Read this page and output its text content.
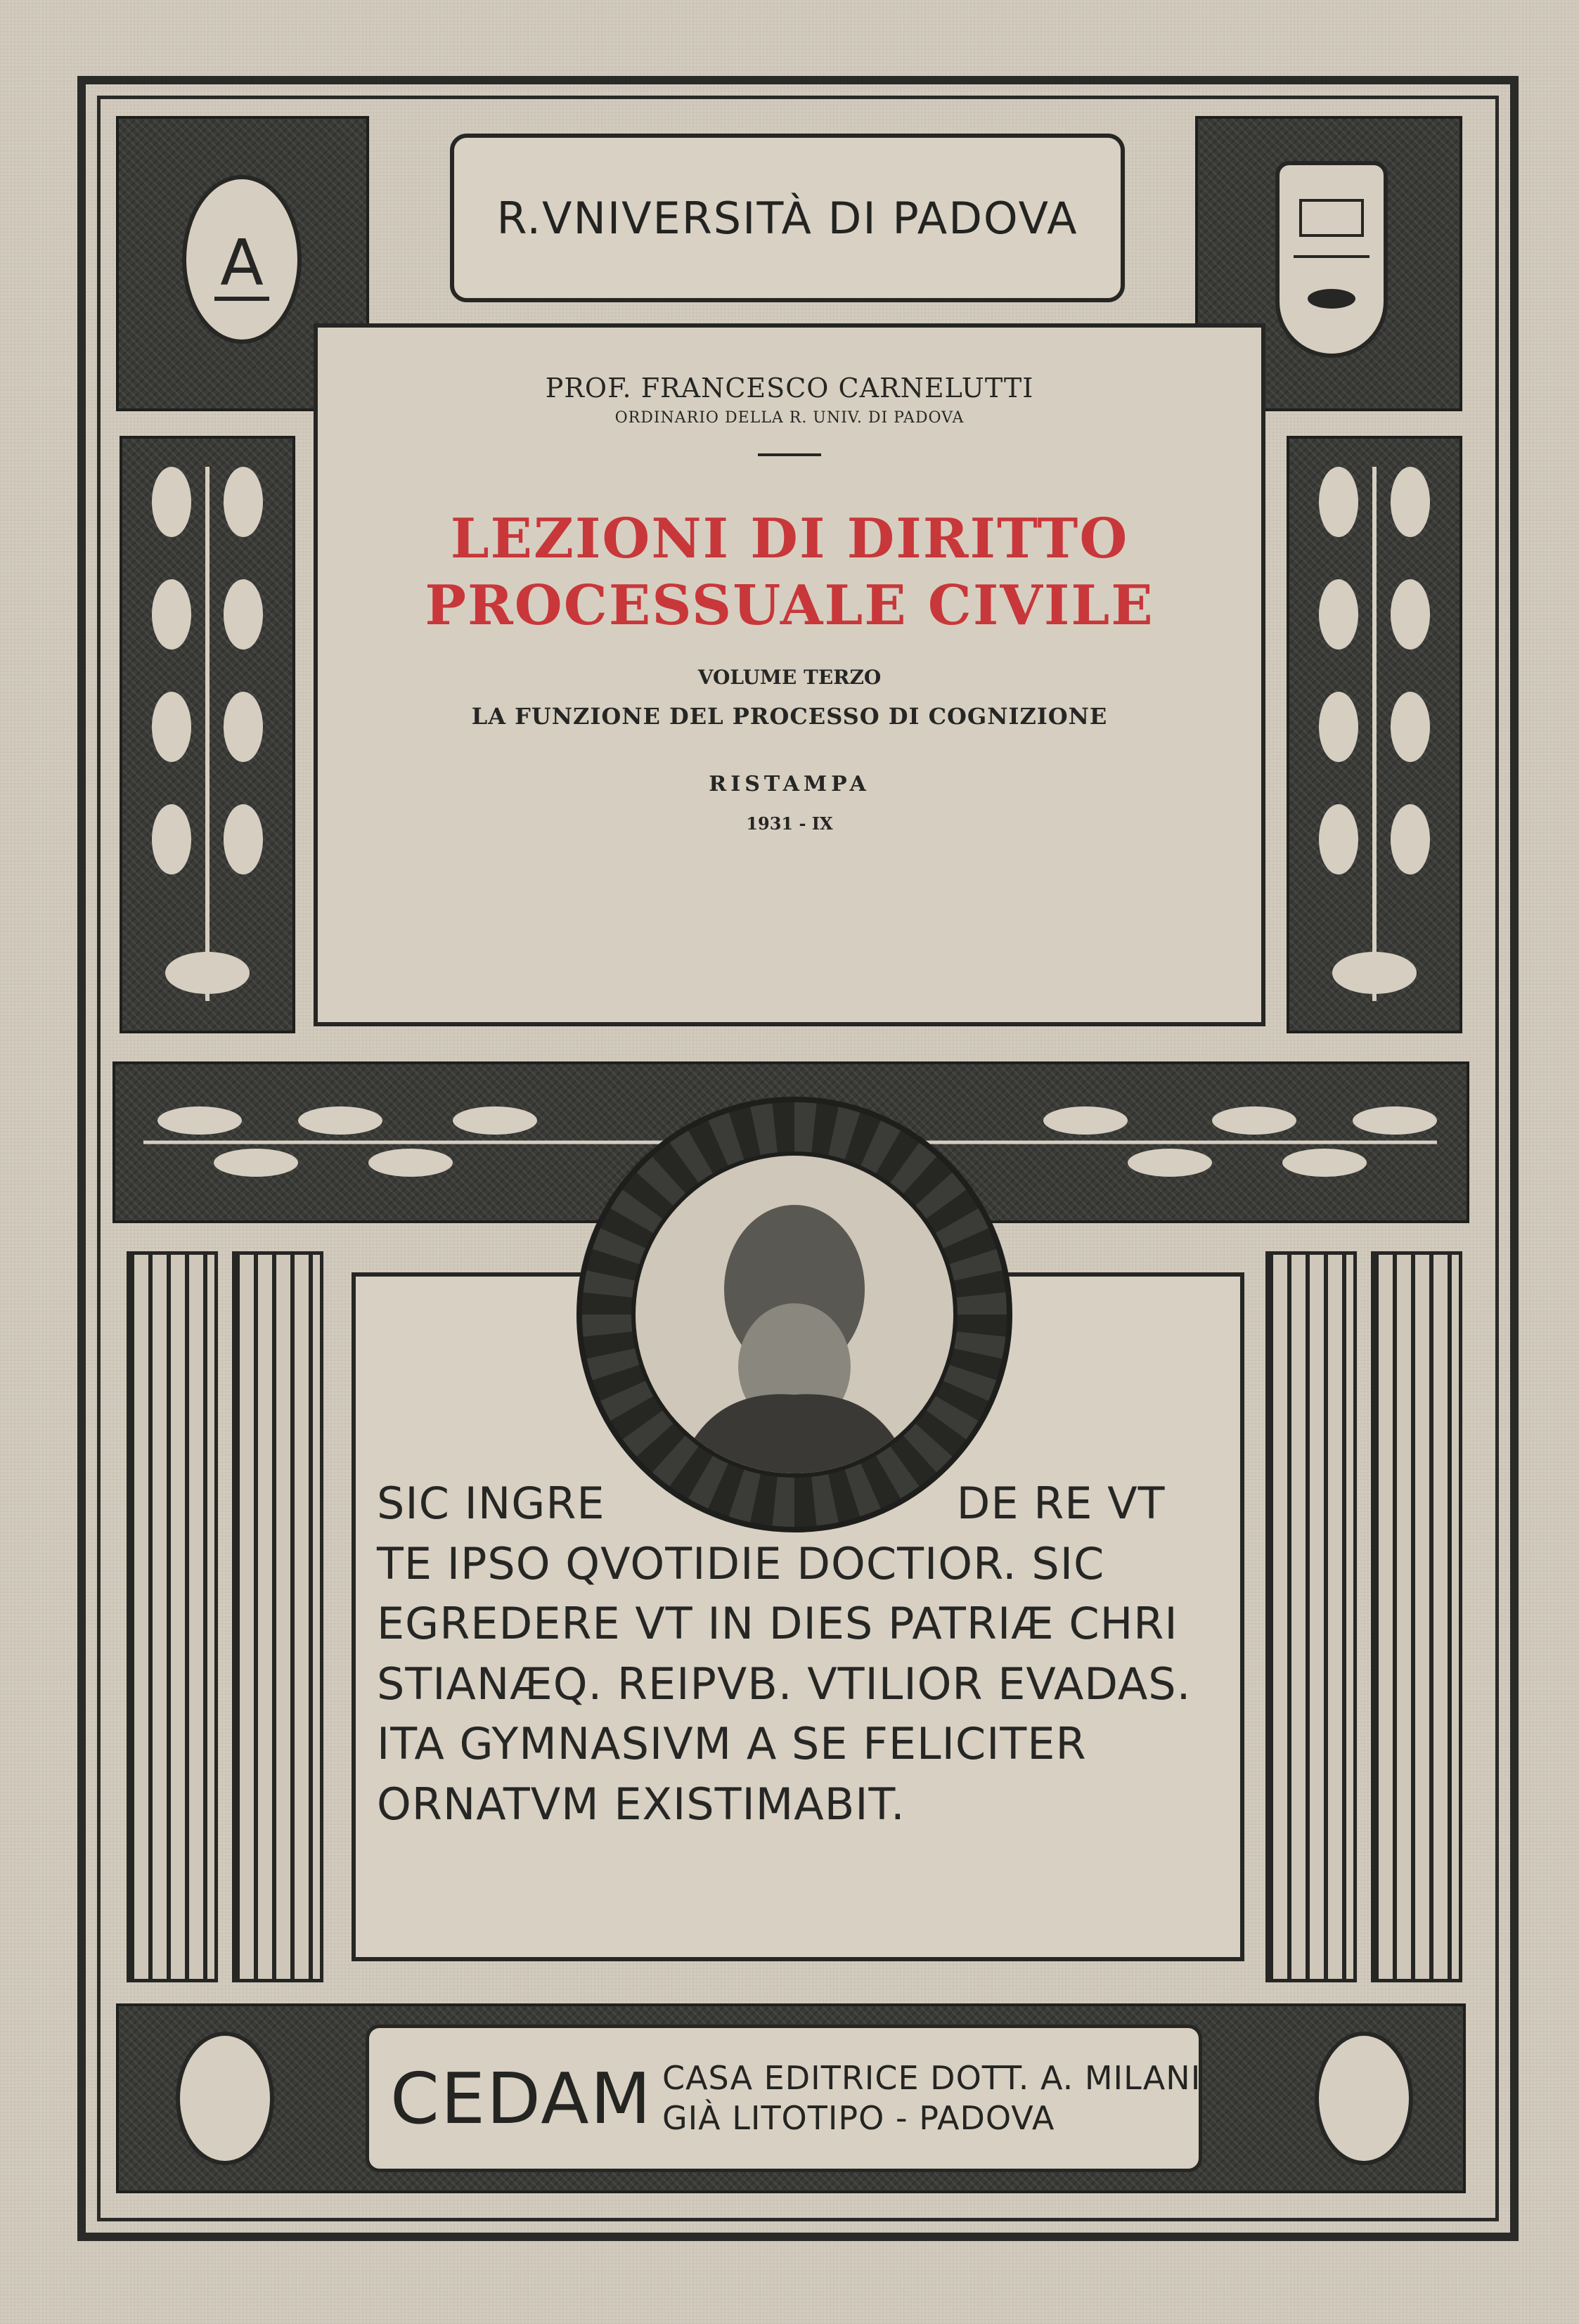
A
R.VNIVERSITÀ DI PADOVA
PROF. FRANCESCO CARNELUTTI
ORDINARIO DELLA R. UNIV. DI PADOVA
LEZIONI DI DIRITTO
PROCESSUALE CIVILE
VOLUME TERZO
LA FUNZIONE DEL PROCESSO DI COGNIZIONE
RISTAMPA
1931 - IX
SIC INGRE	DE RE VT
TE IPSO QVOTIDIE DOCTIOR. SIC
EGREDERE VT IN DIES PATRIÆ CHRI
STIANÆQ. REIPVB. VTILIOR EVADAS.
ITA GYMNASIVM A SE FELICITER
ORNATVM EXISTIMABIT.
CEDAM CASA EDITRICE DOTT. A. MILANI
GIÀ LITOTIPO - PADOVA
